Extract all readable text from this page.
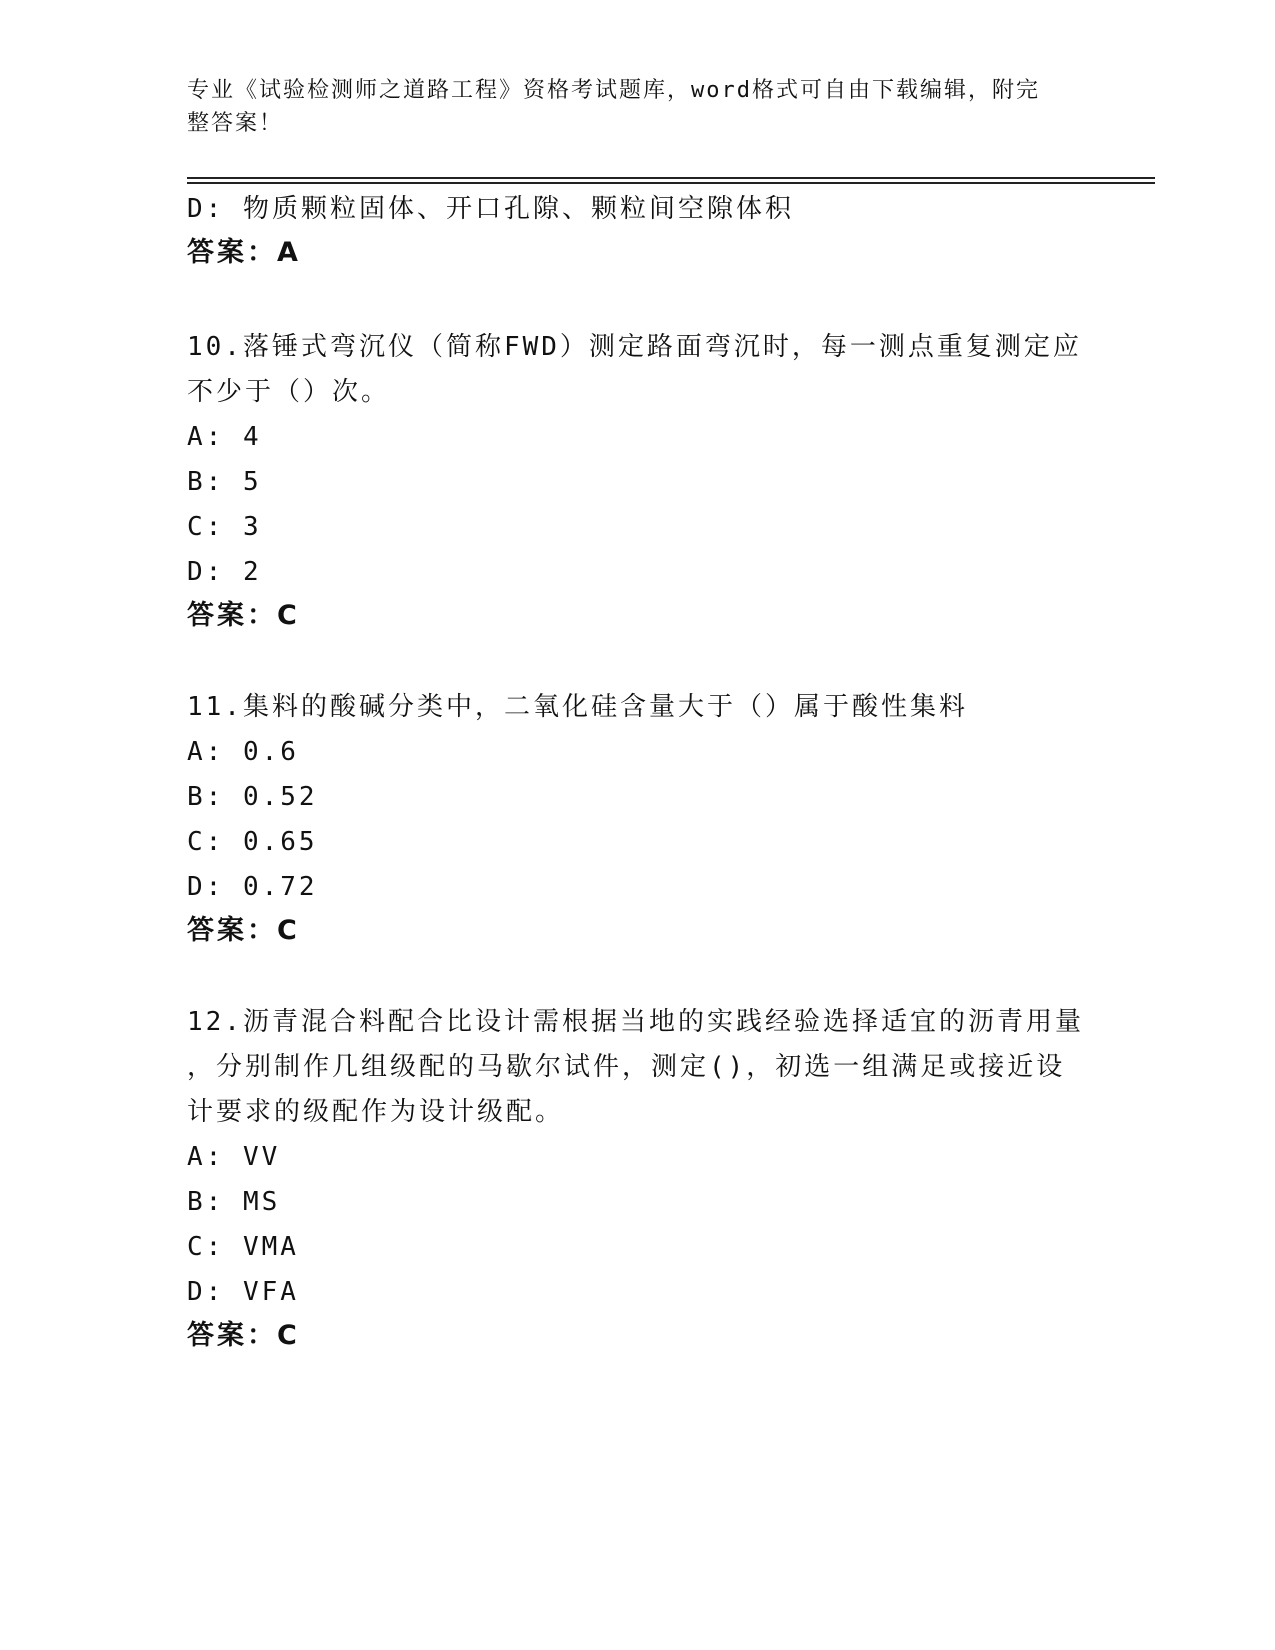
专业《试验检测师之道路工程》资格考试题库，word格式可自由下载编辑，附完
整答案！
D: 物质颗粒固体、开口孔隙、颗粒间空隙体积
答案：A
10.落锤式弯沉仪（简称FWD）测定路面弯沉时，每一测点重复测定应
不少于（）次。
A: 4
B: 5
C: 3
D: 2
答案：C
11.集料的酸碱分类中，二氧化硅含量大于（）属于酸性集料
A: 0.6
B: 0.52
C: 0.65
D: 0.72
答案：C
12.沥青混合料配合比设计需根据当地的实践经验选择适宜的沥青用量
，分别制作几组级配的马歇尔试件，测定()，初选一组满足或接近设
计要求的级配作为设计级配。
A: VV
B: MS
C: VMA
D: VFA
答案：C
